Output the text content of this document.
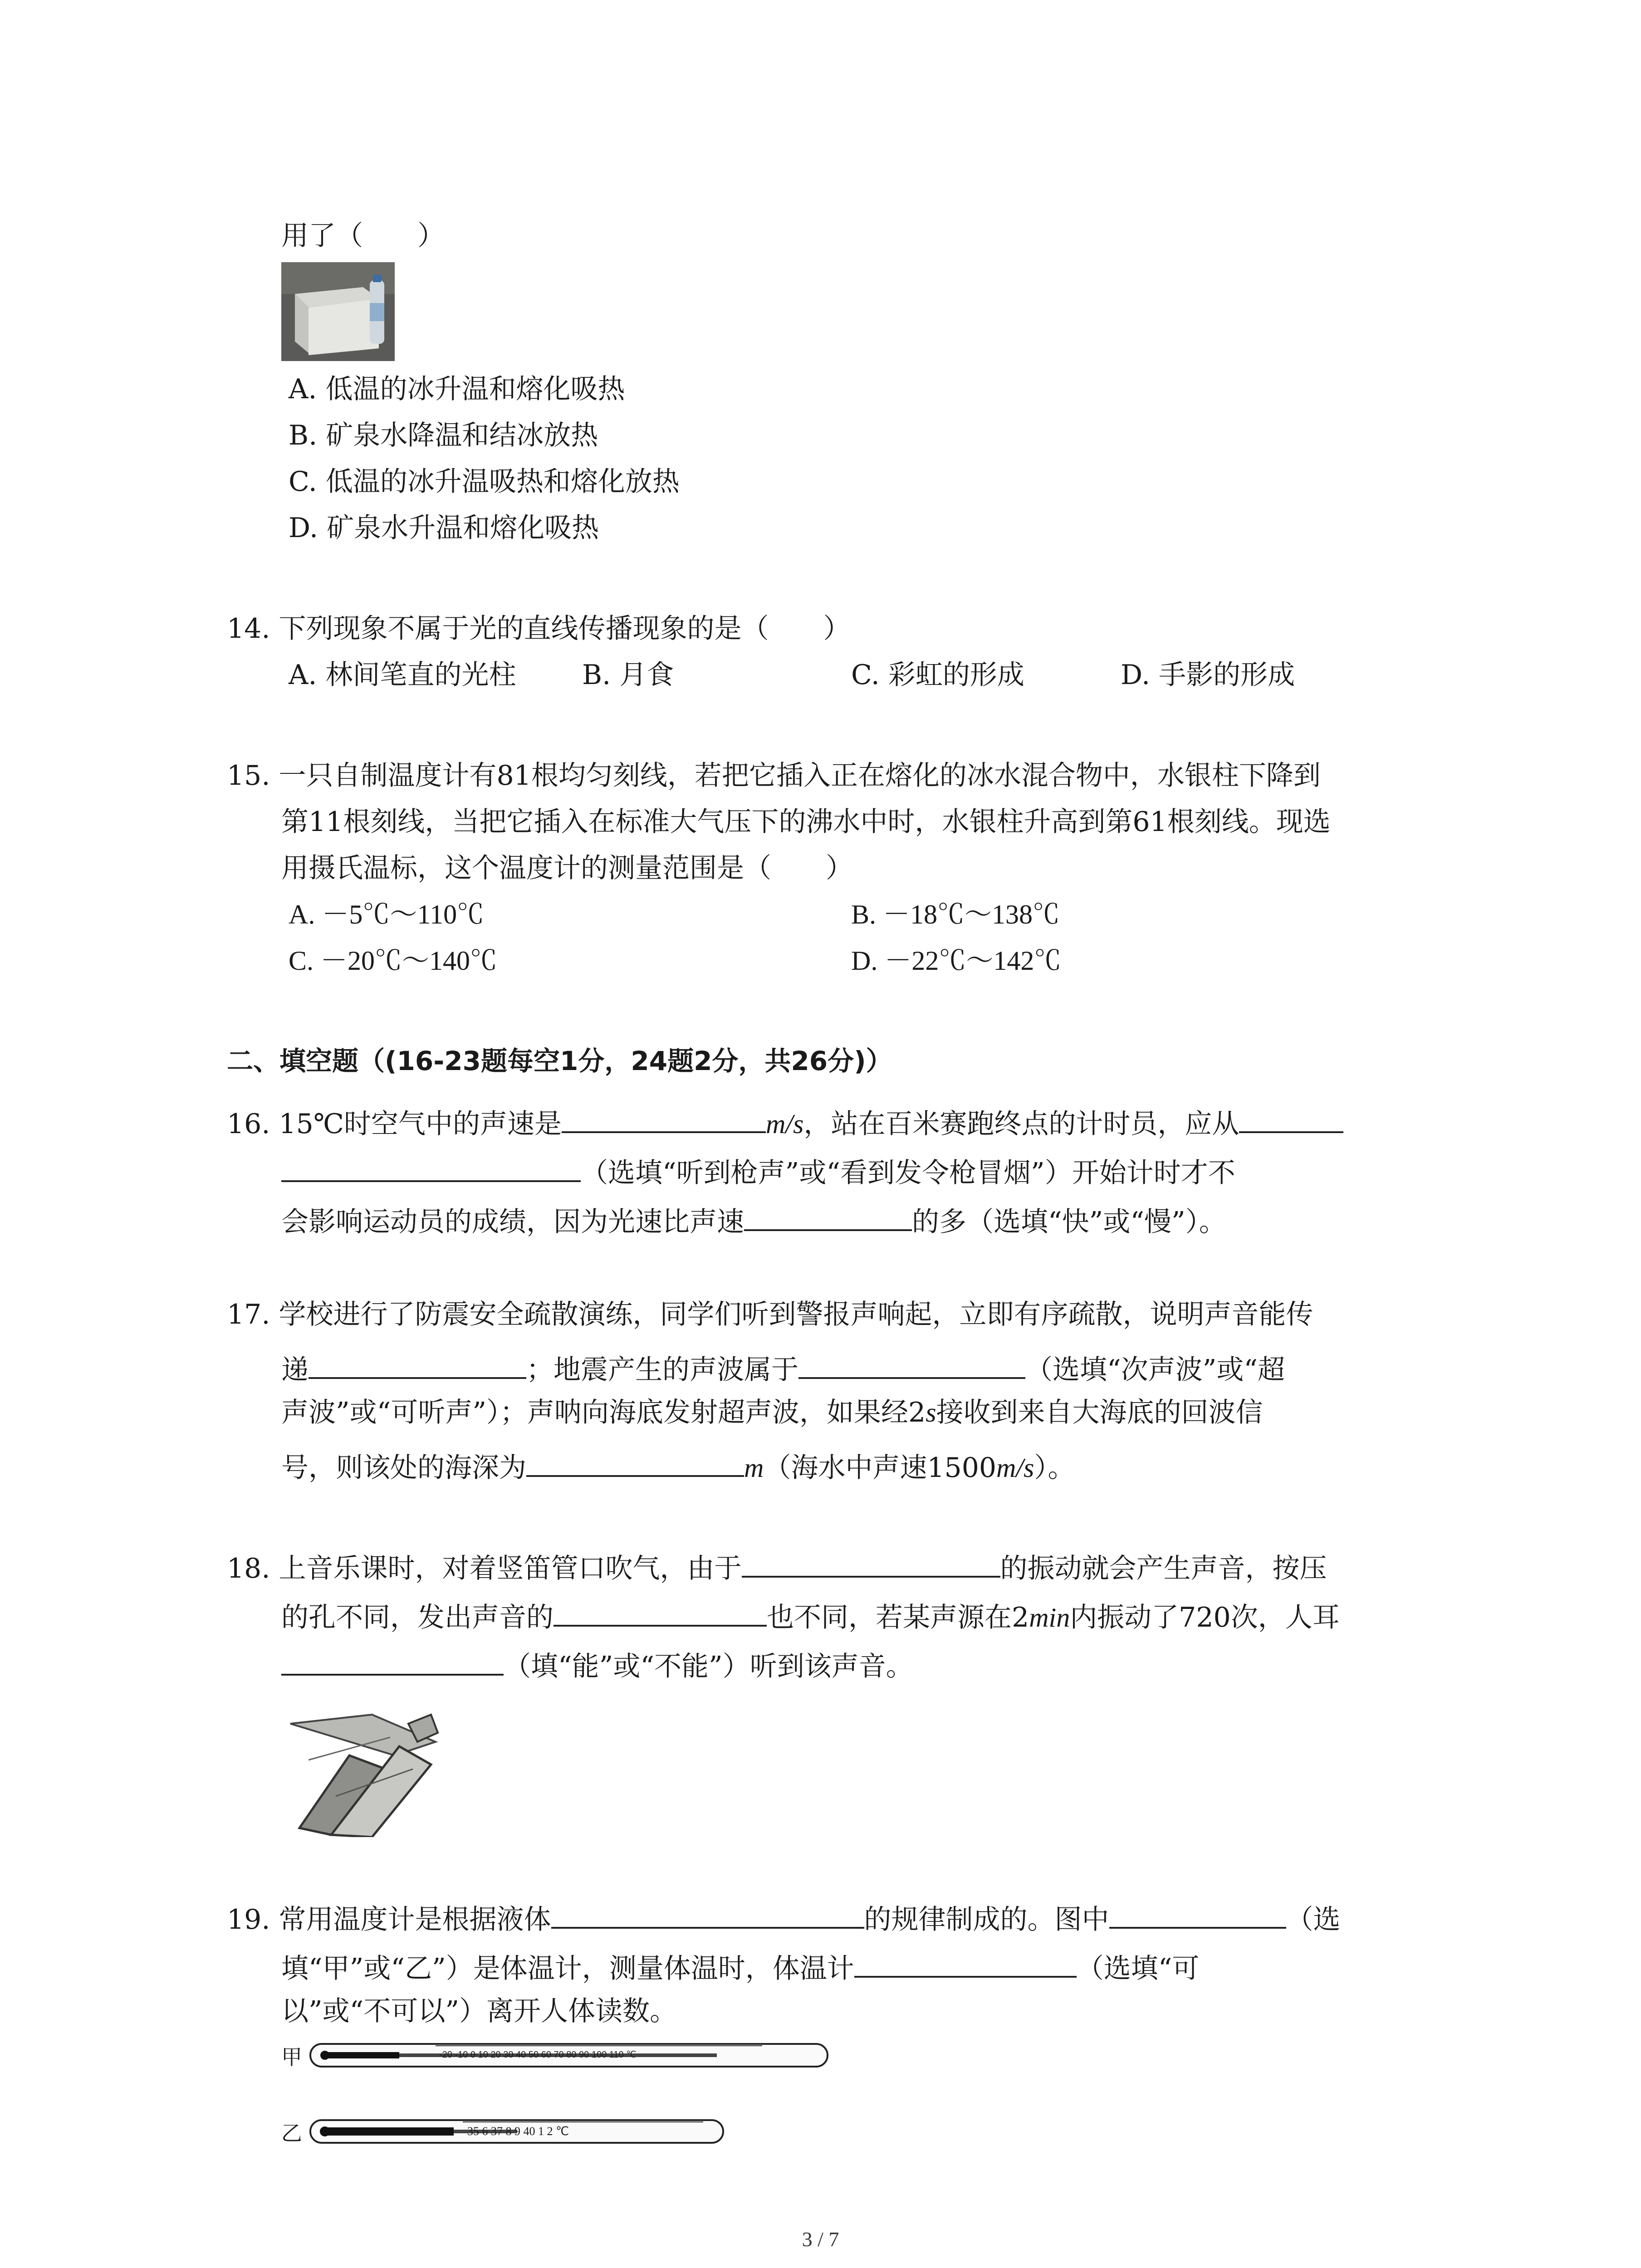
用了（　　）
A. 低温的冰升温和熔化吸热
B. 矿泉水降温和结冰放热
C. 低温的冰升温吸热和熔化放热
D. 矿泉水升温和熔化吸热
14. 下列现象不属于光的直线传播现象的是（　　）
A. 林间笔直的光柱 B. 月食	C. 彩虹的形成	D. 手影的形成
15. 一只自制温度计有81根均匀刻线，若把它插入正在熔化的冰水混合物中，水银柱下降到
第11根刻线，当把它插入在标准大气压下的沸水中时，水银柱升高到第61根刻线。现选
用摄氏温标，这个温度计的测量范围是（　　）
A. －5℃～110℃	B. －18℃～138℃
C. －20℃～140℃	D. －22℃～142℃
二、填空题（(16-23题每空1分，24题2分，共26分)）
16. 15℃时空气中的声速是	m/s，站在百米赛跑终点的计时员，应从
（选填“听到枪声”或“看到发令枪冒烟”）开始计时才不
会影响运动员的成绩，因为光速比声速	的多（选填“快”或“慢”）。
17. 学校进行了防震安全疏散演练，同学们听到警报声响起，立即有序疏散，说明声音能传
递	；地震产生的声波属于	（选填“次声波”或“超
声波”或“可听声”）；声呐向海底发射超声波，如果经2s接收到来自大海底的回波信
号，则该处的海深为	m（海水中声速1500m/s）。
18. 上音乐课时，对着竖笛管口吹气，由于	的振动就会产生声音，按压
的孔不同，发出声音的	也不同，若某声源在2min内振动了720次，人耳
（填“能”或“不能”）听到该声音。
19. 常用温度计是根据液体	的规律制成的。图中	（选
填“甲”或“乙”）是体温计，测量体温时，体温计	（选填“可
以”或“不可以”）离开人体读数。
甲	-20 -10 0 10 20 30 40 50 60 70 80 90 100 110 ℃
乙	35 6 37 8 9 40 1 2 ℃
3 / 7
